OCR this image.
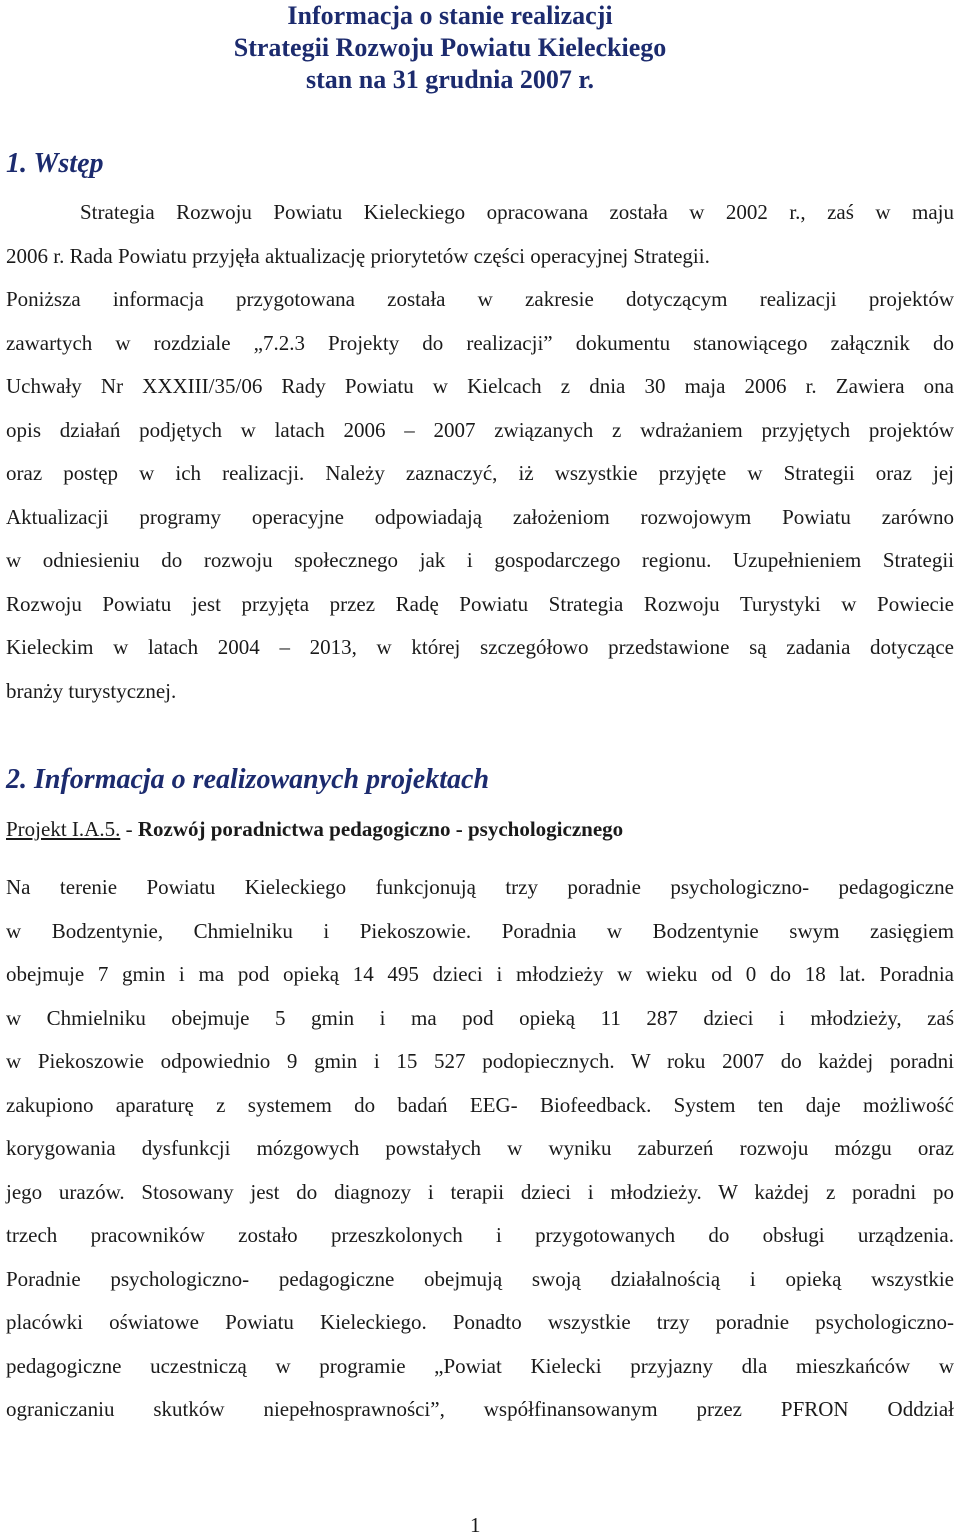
Informacja o stanie realizacji
Strategii Rozwoju Powiatu Kieleckiego
stan na 31 grudnia 2007 r.
1. Wstęp
Strategia Rozwoju Powiatu Kieleckiego opracowana została w 2002 r., zaś w maju
2006 r. Rada Powiatu przyjęła aktualizację priorytetów części operacyjnej Strategii.
Poniższa informacja przygotowana została w zakresie dotyczącym realizacji projektów
zawartych w rozdziale „7.2.3 Projekty do realizacji” dokumentu stanowiącego załącznik do
Uchwały Nr XXXIII/35/06 Rady Powiatu w Kielcach z dnia 30 maja 2006 r. Zawiera ona
opis działań podjętych w latach 2006 – 2007 związanych z wdrażaniem przyjętych projektów
oraz postęp w ich realizacji. Należy zaznaczyć, iż wszystkie przyjęte w Strategii oraz jej
Aktualizacji programy operacyjne odpowiadają założeniom rozwojowym Powiatu zarówno
w odniesieniu do rozwoju społecznego jak i gospodarczego regionu. Uzupełnieniem Strategii
Rozwoju Powiatu jest przyjęta przez Radę Powiatu Strategia Rozwoju Turystyki w Powiecie
Kieleckim w latach 2004 – 2013, w której szczegółowo przedstawione są zadania dotyczące
branży turystycznej.
2. Informacja o realizowanych projektach
Projekt I.A.5. - Rozwój poradnictwa pedagogiczno - psychologicznego
Na terenie Powiatu Kieleckiego funkcjonują trzy poradnie psychologiczno- pedagogiczne
w Bodzentynie, Chmielniku i Piekoszowie. Poradnia w Bodzentynie swym zasięgiem
obejmuje 7 gmin i ma pod opieką 14 495 dzieci i młodzieży w wieku od 0 do 18 lat. Poradnia
w Chmielniku obejmuje 5 gmin i ma pod opieką 11 287 dzieci i młodzieży, zaś
w Piekoszowie odpowiednio 9 gmin i 15 527 podopiecznych. W roku 2007 do każdej poradni
zakupiono aparaturę z systemem do badań EEG- Biofeedback. System ten daje możliwość
korygowania dysfunkcji mózgowych powstałych w wyniku zaburzeń rozwoju mózgu oraz
jego urazów. Stosowany jest do diagnozy i terapii dzieci i młodzieży. W każdej z poradni po
trzech pracowników zostało przeszkolonych i przygotowanych do obsługi urządzenia.
Poradnie psychologiczno- pedagogiczne obejmują swoją działalnością i opieką wszystkie
placówki oświatowe Powiatu Kieleckiego. Ponadto wszystkie trzy poradnie psychologiczno-
pedagogiczne uczestniczą w programie „Powiat Kielecki przyjazny dla mieszkańców w
ograniczaniu skutków niepełnosprawności”, współfinansowanym przez PFRON Oddział
1
